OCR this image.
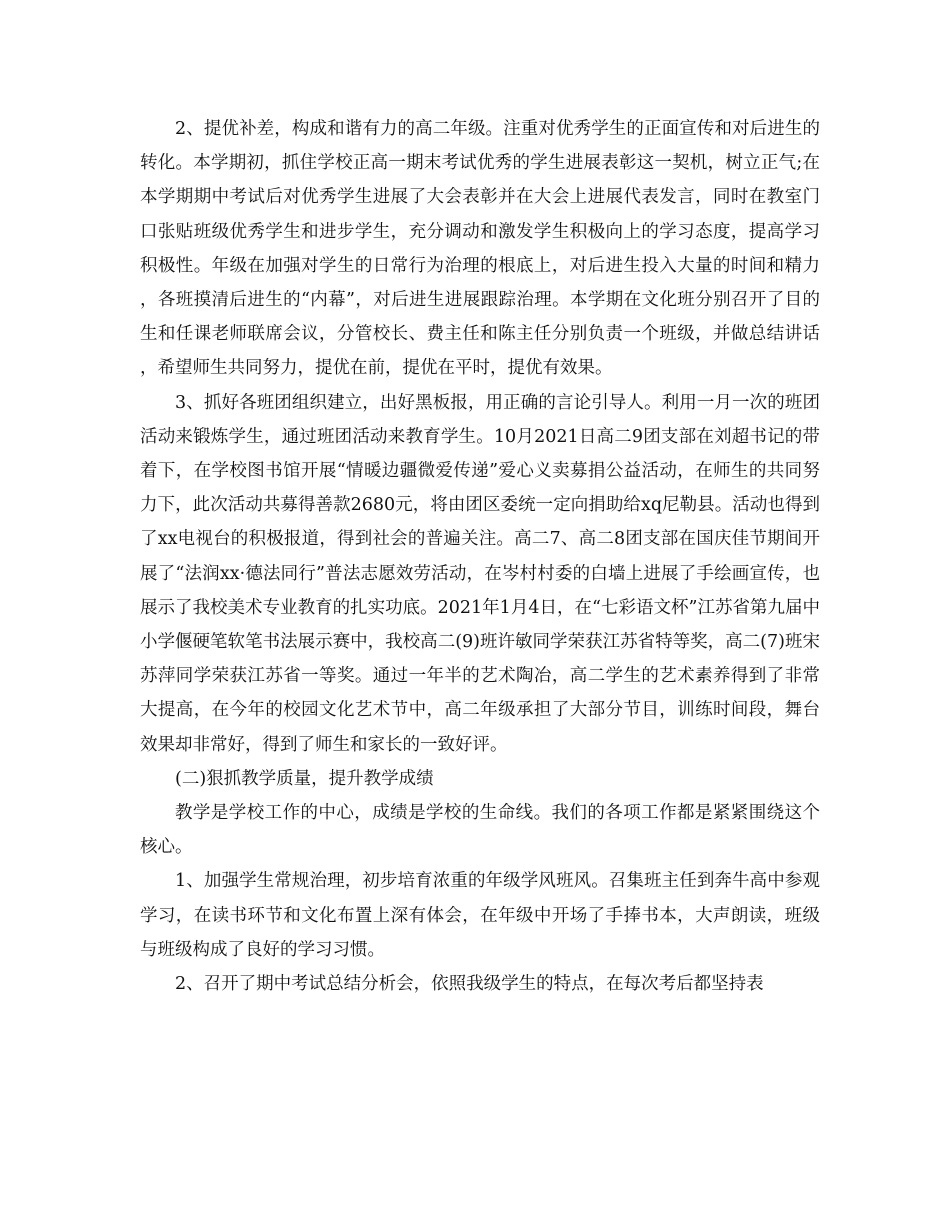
2、提优补差，构成和谐有力的高二年级。注重对优秀学生的正面宣传和对后进生的转化。本学期初，抓住学校正高一期末考试优秀的学生进展表彰这一契机，树立正气;在本学期期中考试后对优秀学生进展了大会表彰并在大会上进展代表发言，同时在教室门口张贴班级优秀学生和进步学生，充分调动和激发学生积极向上的学习态度，提高学习积极性。年级在加强对学生的日常行为治理的根底上，对后进生投入大量的时间和精力，各班摸清后进生的“内幕”，对后进生进展跟踪治理。本学期在文化班分别召开了目的生和任课老师联席会议，分管校长、费主任和陈主任分别负责一个班级，并做总结讲话，希望师生共同努力，提优在前，提优在平时，提优有效果。

3、抓好各班团组织建立，出好黑板报，用正确的言论引导人。利用一月一次的班团活动来锻炼学生，通过班团活动来教育学生。10月2021日高二9团支部在刘超书记的带着下，在学校图书馆开展“情暖边疆微爱传递”爱心义卖募捐公益活动，在师生的共同努力下，此次活动共募得善款2680元，将由团区委统一定向捐助给xq尼勒县。活动也得到了xx电视台的积极报道，得到社会的普遍关注。高二7、高二8团支部在国庆佳节期间开展了“法润xx·德法同行”普法志愿效劳活动，在岑村村委的白墙上进展了手绘画宣传，也展示了我校美术专业教育的扎实功底。2021年1月4日，在“七彩语文杯”江苏省第九届中小学偃硬笔软笔书法展示赛中，我校高二(9)班许敏同学荣获江苏省特等奖，高二(7)班宋苏萍同学荣获江苏省一等奖。通过一年半的艺术陶冶，高二学生的艺术素养得到了非常大提高，在今年的校园文化艺术节中，高二年级承担了大部分节目，训练时间段，舞台效果却非常好，得到了师生和家长的一致好评。

(二)狠抓教学质量，提升教学成绩

教学是学校工作的中心，成绩是学校的生命线。我们的各项工作都是紧紧围绕这个核心。

1、加强学生常规治理，初步培育浓重的年级学风班风。召集班主任到奔牛高中参观学习，在读书环节和文化布置上深有体会，在年级中开场了手捧书本，大声朗读，班级与班级构成了良好的学习习惯。

2、召开了期中考试总结分析会，依照我级学生的特点，在每次考后都坚持表
